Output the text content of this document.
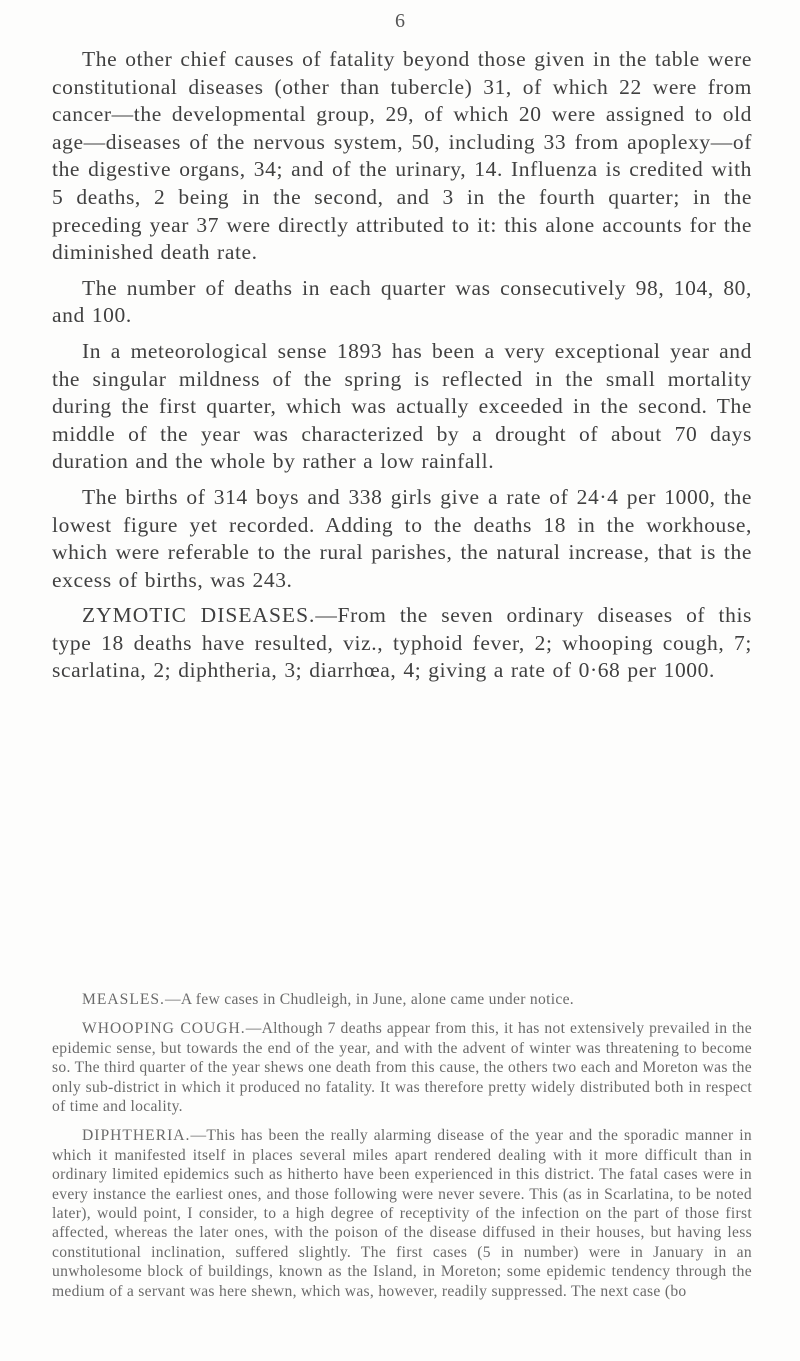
6

The other chief causes of fatality beyond those given in the table were constitutional diseases (other than tubercle) 31, of which 22 were from cancer—the developmental group, 29, of which 20 were assigned to old age—diseases of the nervous system, 50, including 33 from apoplexy—of the digestive organs, 34; and of the urinary, 14. Influenza is credited with 5 deaths, 2 being in the second, and 3 in the fourth quarter; in the preceding year 37 were directly attributed to it: this alone accounts for the diminished death rate.

The number of deaths in each quarter was consecutively 98, 104, 80, and 100.

In a meteorological sense 1893 has been a very exceptional year and the singular mildness of the spring is reflected in the small mortality during the first quarter, which was actually exceeded in the second. The middle of the year was characterized by a drought of about 70 days duration and the whole by rather a low rainfall.

The births of 314 boys and 338 girls give a rate of 24·4 per 1000, the lowest figure yet recorded. Adding to the deaths 18 in the workhouse, which were referable to the rural parishes, the natural increase, that is the excess of births, was 243.

ZYMOTIC DISEASES.—From the seven ordinary diseases of this type 18 deaths have resulted, viz., typhoid fever, 2; whooping cough, 7; scarlatina, 2; diphtheria, 3; diarrhœa, 4; giving a rate of 0·68 per 1000.

MEASLES.—A few cases in Chudleigh, in June, alone came under notice.

WHOOPING COUGH.—Although 7 deaths appear from this, it has not extensively prevailed in the epidemic sense, but towards the end of the year, and with the advent of winter was threatening to become so. The third quarter of the year shews one death from this cause, the others two each and Moreton was the only sub-district in which it produced no fatality. It was therefore pretty widely distributed both in respect of time and locality.

DIPHTHERIA.—This has been the really alarming disease of the year and the sporadic manner in which it manifested itself in places several miles apart rendered dealing with it more difficult than in ordinary limited epidemics such as hitherto have been experienced in this district. The fatal cases were in every instance the earliest ones, and those following were never severe. This (as in Scarlatina, to be noted later), would point, I consider, to a high degree of receptivity of the infection on the part of those first affected, whereas the later ones, with the poison of the disease diffused in their houses, but having less constitutional inclination, suffered slightly. The first cases (5 in number) were in January in an unwholesome block of buildings, known as the Island, in Moreton; some epidemic tendency through the medium of a servant was here shewn, which was, however, readily suppressed. The next case (bo
